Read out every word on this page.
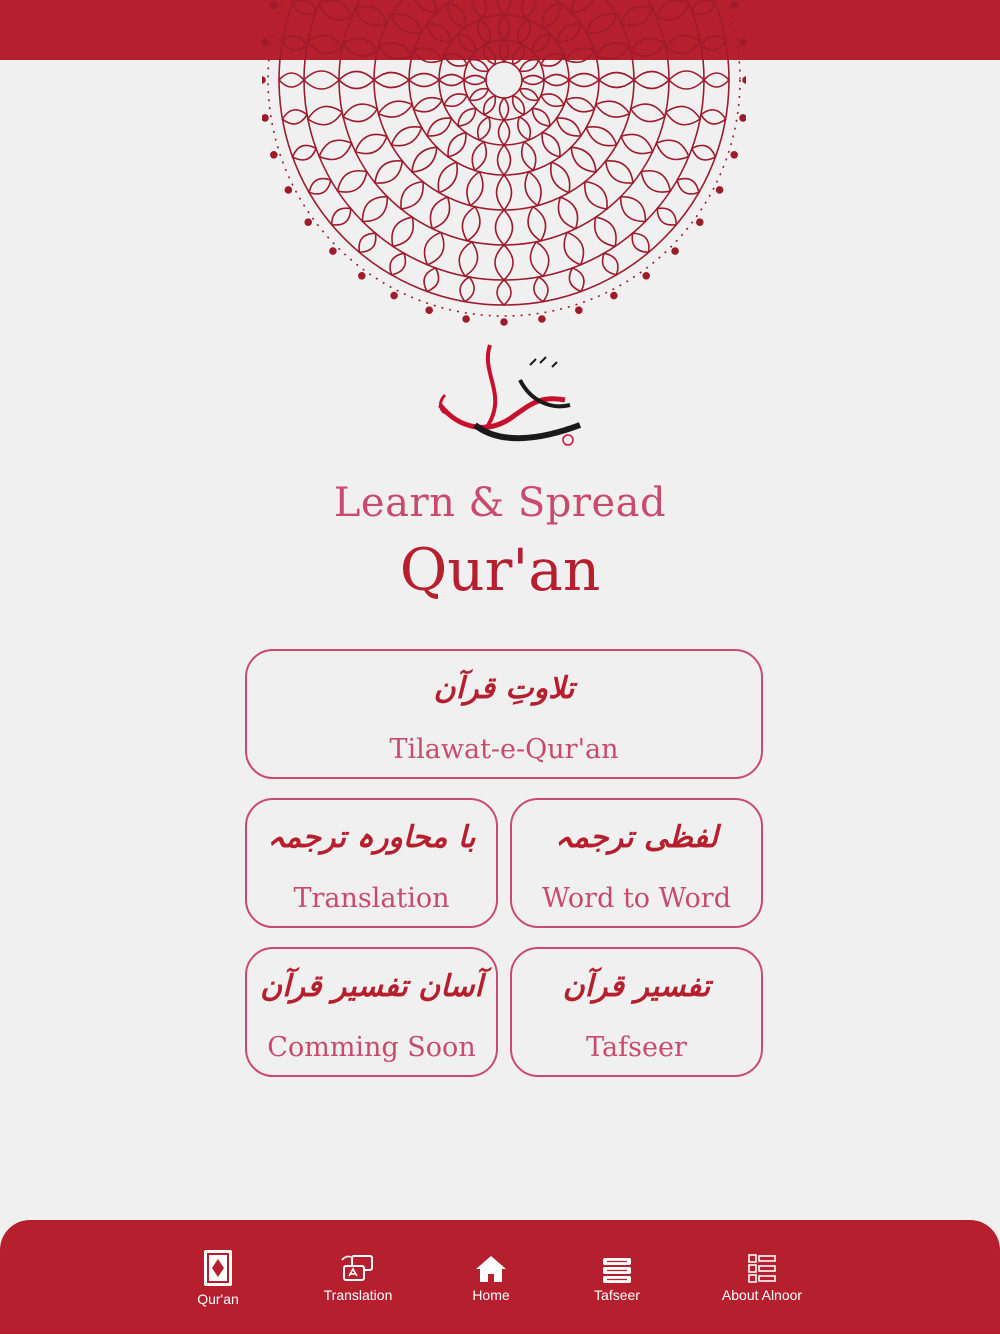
Learn & Spread
Qur'an
تلاوتِ قرآن
Tilawat-e-Qur'an
با محاورہ ترجمہ
Translation
لفظی ترجمہ
Word to Word
آسان تفسیر قرآن
Comming Soon
تفسیر قرآن
Tafseer
Qur'an	Translation	Home	Tafseer	About Alnoor
